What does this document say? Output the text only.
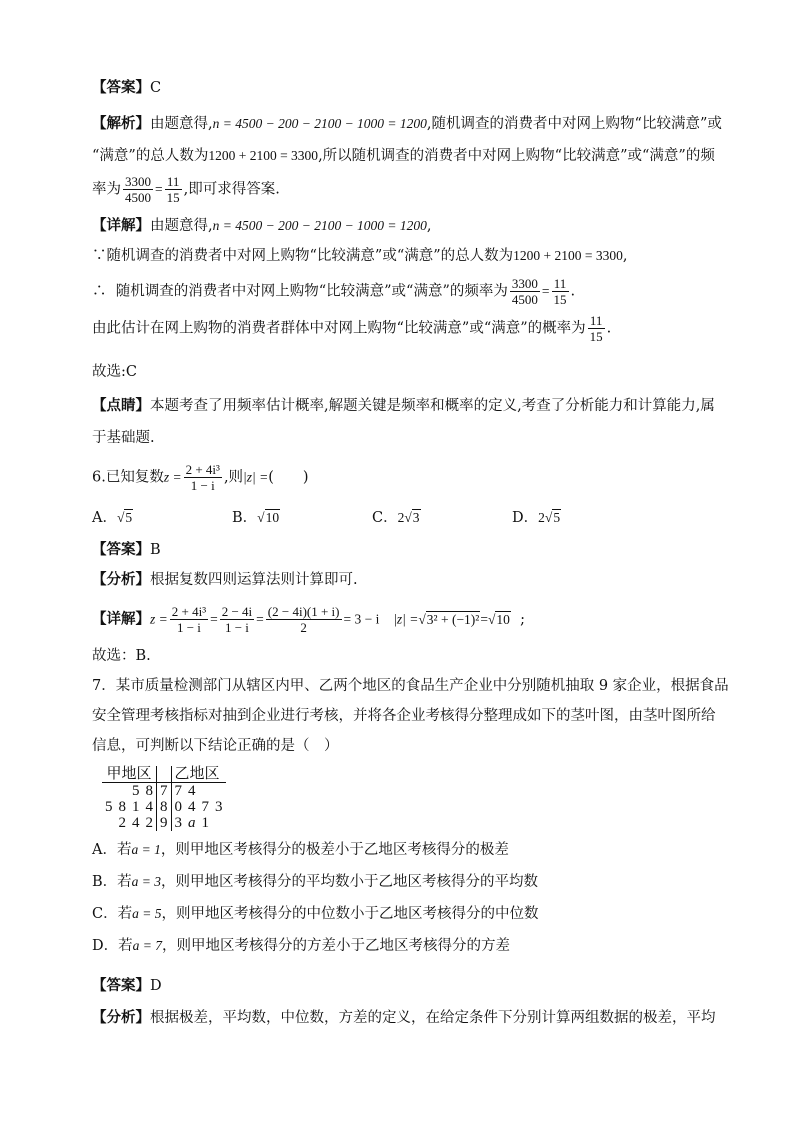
【答案】C

【解析】由题意得,n = 4500 − 200 − 2100 − 1000 = 1200,随机调查的消费者中对网上购物“比较满意”或

“满意”的总人数为1200 + 2100 = 3300,所以随机调查的消费者中对网上购物“比较满意”或“满意”的频

率为 $\frac{3300}{4500} = \frac{11}{15}$ ,即可求得答案.

【详解】由题意得,n = 4500 − 200 − 2100 − 1000 = 1200,

∵随机调查的消费者中对网上购物“比较满意”或“满意”的总人数为1200 + 2100 = 3300,

∴ 随机调查的消费者中对网上购物“比较满意”或“满意”的频率为 $\frac{3300}{4500} = \frac{11}{15}$ .

由此估计在网上购物的消费者群体中对网上购物“比较满意”或“满意”的概率为 $\frac{11}{15}$ .

故选:C

【点睛】本题考查了用频率估计概率,解题关键是频率和概率的定义,考查了分析能力和计算能力,属

于基础题.

6.已知复数$z = \frac{\text{2 + 4i³}}{1 - i}$ ,则|z| =(　　)

A．√5	B．√10	C．2√3	D．2√5

【答案】B

【分析】根据复数四则运算法则计算即可.

【详解】$z = \frac{\text{2 + 4i³}}{1 - i} = \frac{2 - 4i}{1 - i} = \frac{(2 - 4i)(1 + i)}{2} = 3 - i$ |z| =√3² + (−1)²=√10 ;

故选：B.

7．某市质量检测部门从辖区内甲、乙两个地区的食品生产企业中分别随机抽取 9 家企业，根据食品

安全管理考核指标对抽到企业进行考核，并将各企业考核得分整理成如下的茎叶图，由茎叶图所给

信息，可判断以下结论正确的是（　）

甲地区					乙地区			
		5	8	7	7	4		
5	8	1	4	8	0	4	7	3
	2	4	2	9	3	a	1	

A．若a = 1，则甲地区考核得分的极差小于乙地区考核得分的极差

B．若a = 3，则甲地区考核得分的平均数小于乙地区考核得分的平均数

C．若a = 5，则甲地区考核得分的中位数小于乙地区考核得分的中位数

D．若a = 7，则甲地区考核得分的方差小于乙地区考核得分的方差

【答案】D

【分析】根据极差，平均数，中位数，方差的定义，在给定条件下分别计算两组数据的极差，平均
